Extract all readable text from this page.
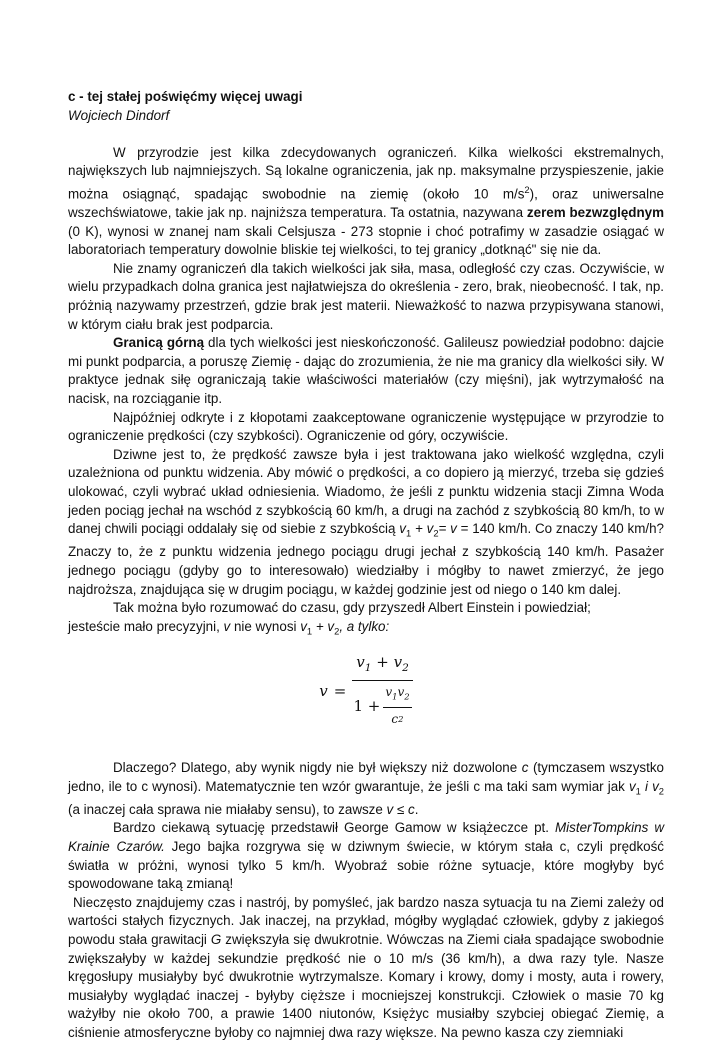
c - tej stałej poświęćmy więcej uwagi
Wojciech Dindorf

W przyrodzie jest kilka zdecydowanych ograniczeń. Kilka wielkości ekstremalnych, największych lub najmniejszych. Są lokalne ograniczenia, jak np. maksymalne przyspieszenie, jakie można osiągnąć, spadając swobodnie na ziemię (około 10 $m/s^2$), oraz uniwersalne wszechświatowe, takie jak np. najniższa temperatura. Ta ostatnia, nazywana zerem bezwzględnym (0 K), wynosi w znanej nam skali Celsjusza - 273 stopnie i choć potrafimy w zasadzie osiągać w laboratoriach temperatury dowolnie bliskie tej wielkości, to tej granicy „dotknąć" się nie da.

Nie znamy ograniczeń dla takich wielkości jak siła, masa, odległość czy czas. Oczywiście, w wielu przypadkach dolna granica jest najłatwiejsza do określenia - zero, brak, nieobecność. I tak, np. próżnią nazywamy przestrzeń, gdzie brak jest materii. Nieważkość to nazwa przypisywana stanowi, w którym ciału brak jest podparcia.

Granicą górną dla tych wielkości jest nieskończoność. Galileusz powiedział podobno: dajcie mi punkt podparcia, a poruszę Ziemię - dając do zrozumienia, że nie ma granicy dla wielkości siły. W praktyce jednak siłę ograniczają takie właściwości materiałów (czy mięśni), jak wytrzymałość na nacisk, na rozciąganie itp.

Najpóźniej odkryte i z kłopotami zaakceptowane ograniczenie występujące w przyrodzie to ograniczenie prędkości (czy szybkości). Ograniczenie od góry, oczywiście.

Dziwne jest to, że prędkość zawsze była i jest traktowana jako wielkość względna, czyli uzależniona od punktu widzenia. Aby mówić o prędkości, a co dopiero ją mierzyć, trzeba się gdzieś ulokować, czyli wybrać układ odniesienia. Wiadomo, że jeśli z punktu widzenia stacji Zimna Woda jeden pociąg jechał na wschód z szybkością 60 km/h, a drugi na zachód z szybkością 80 km/h, to w danej chwili pociągi oddalały się od siebie z szybkością $v_1 + v_2= v = 140$ km/h. Co znaczy 140 km/h? Znaczy to, że z punktu widzenia jednego pociągu drugi jechał z szybkością 140 km/h. Pasażer jednego pociągu (gdyby go to interesowało) wiedziałby i mógłby to nawet zmierzyć, że jego najdroższa, znajdująca się w drugim pociągu, w każdej godzinie jest od niego o 140 km dalej.

Tak można było rozumować do czasu, gdy przyszedł Albert Einstein i powiedział;

jesteście mało precyzyjni, v nie wynosi $v_1 + v_2$, a tylko:

$v = \frac{v_1 + v_2}{1 + \frac{v_1v_2}{c 2}}$

Dlaczego? Dlatego, aby wynik nigdy nie był większy niż dozwolone c (tymczasem wszystko jedno, ile to c wynosi). Matematycznie ten wzór gwarantuje, że jeśli c ma taki sam wymiar jak $v_1$ i $v_2$ (a inaczej cała sprawa nie miałaby sensu), to zawsze v ≤ c.

Bardzo ciekawą sytuację przedstawił George Gamow w książeczce pt. MisterTompkins w Krainie Czarów. Jego bajka rozgrywa się w dziwnym świecie, w którym stała c, czyli prędkość światła w próżni, wynosi tylko 5 km/h. Wyobraź sobie różne sytuacje, które mogłyby być spowodowane taką zmianą!

Nieczęsto znajdujemy czas i nastrój, by pomyśleć, jak bardzo nasza sytuacja tu na Ziemi zależy od wartości stałych fizycznych. Jak inaczej, na przykład, mógłby wyglądać człowiek, gdyby z jakiegoś powodu stała grawitacji G zwiększyła się dwukrotnie. Wówczas na Ziemi ciała spadające swobodnie zwiększałyby w każdej sekundzie prędkość nie o 10 m/s (36 km/h), a dwa razy tyle. Nasze kręgosłupy musiałyby być dwukrotnie wytrzymalsze. Komary i krowy, domy i mosty, auta i rowery, musiałyby wyglądać inaczej - byłyby cięższe i mocniejszej konstrukcji. Człowiek o masie 70 kg ważyłby nie około 700, a prawie 1400 niutonów, Księżyc musiałby szybciej obiegać Ziemię, a ciśnienie atmosferyczne byłoby co najmniej dwa razy większe. Na pewno kasza czy ziemniaki
